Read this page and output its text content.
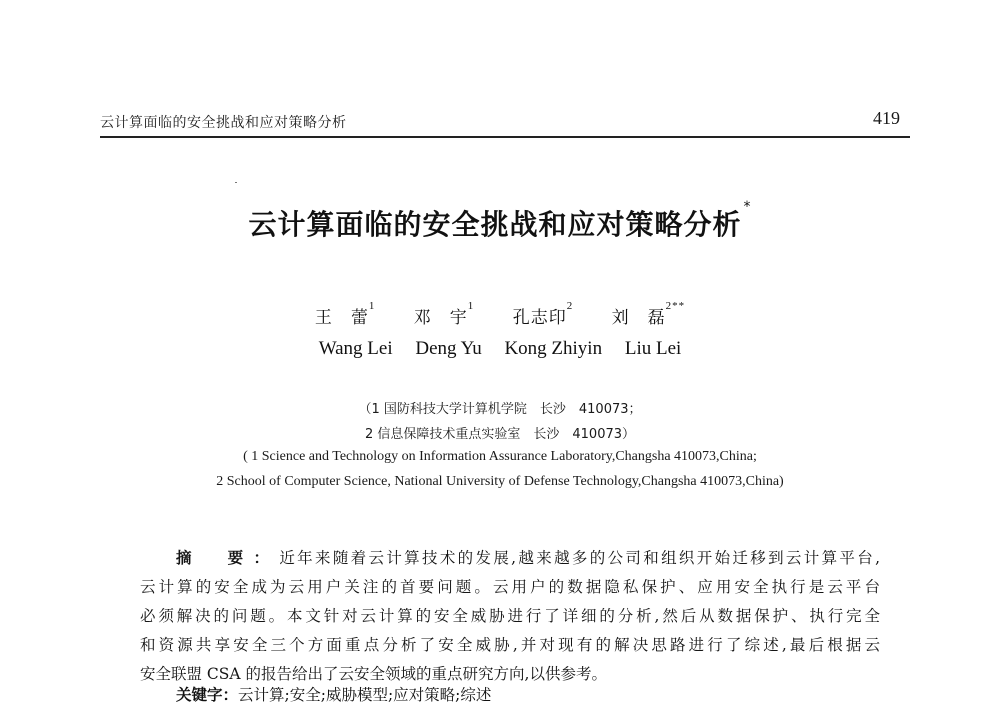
云计算面临的安全挑战和应对策略分析	419
云计算面临的安全挑战和应对策略分析*
王　蕾$^1$ 邓　宇$^1$ 孔志印$^2$ 刘　磊$^{2**}$
Wang Lei Deng Yu Kong Zhiyin Liu Lei
（1 国防科技大学计算机学院　长沙　410073；
2 信息保障技术重点实验室　长沙　410073）
( 1 Science and Technology on Information Assurance Laboratory,Changsha 410073,China;
2 School of Computer Science, National University of Defense Technology,Changsha 410073,China)
摘　要：近年来随着云计算技术的发展,越来越多的公司和组织开始迁移到云计算平台,
云计算的安全成为云用户关注的首要问题。云用户的数据隐私保护、应用安全执行是云平台
必须解决的问题。本文针对云计算的安全威胁进行了详细的分析,然后从数据保护、执行完全
和资源共享安全三个方面重点分析了安全威胁,并对现有的解决思路进行了综述,最后根据云
安全联盟 CSA 的报告给出了云安全领域的重点研究方向,以供参考。
关键字：云计算;安全;威胁模型;应对策略;综述
